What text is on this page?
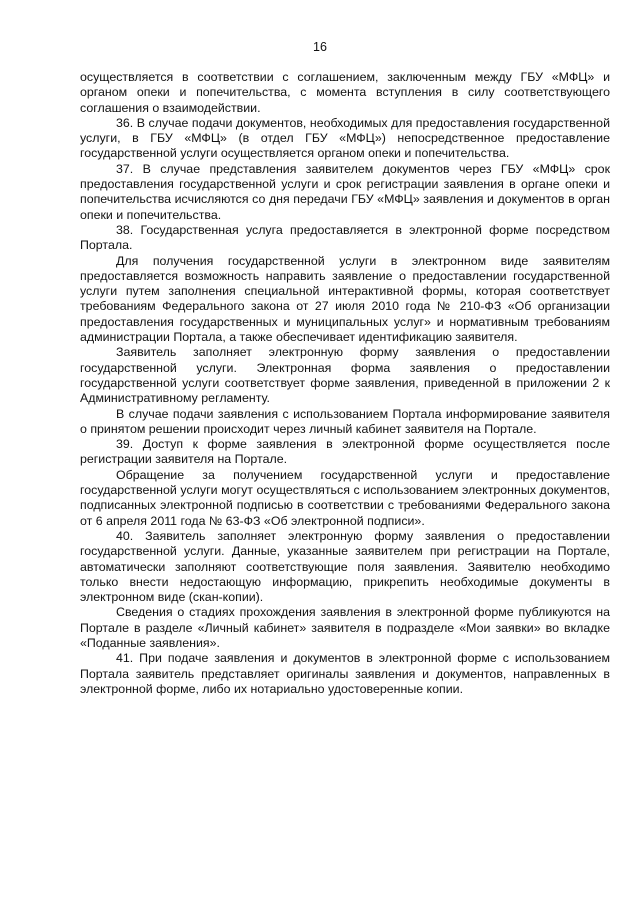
16

осуществляется в соответствии с соглашением, заключенным между ГБУ «МФЦ» и органом опеки и попечительства, с момента вступления в силу соответствующего соглашения о взаимодействии.

36. В случае подачи документов, необходимых для предоставления государственной услуги, в ГБУ «МФЦ» (в отдел ГБУ «МФЦ») непосредственное предоставление государственной услуги осуществляется органом опеки и попечительства.

37. В случае представления заявителем документов через ГБУ «МФЦ» срок предоставления государственной услуги и срок регистрации заявления в органе опеки и попечительства исчисляются со дня передачи ГБУ «МФЦ» заявления и документов в орган опеки и попечительства.

38. Государственная услуга предоставляется в электронной форме посредством Портала.

Для получения государственной услуги в электронном виде заявителям предоставляется возможность направить заявление о предоставлении государственной услуги путем заполнения специальной интерактивной формы, которая соответствует требованиям Федерального закона от 27 июля 2010 года № 210-ФЗ «Об организации предоставления государственных и муниципальных услуг» и нормативным требованиям администрации Портала, а также обеспечивает идентификацию заявителя.

Заявитель заполняет электронную форму заявления о предоставлении государственной услуги. Электронная форма заявления о предоставлении государственной услуги соответствует форме заявления, приведенной в приложении 2 к Административному регламенту.

В случае подачи заявления с использованием Портала информирование заявителя о принятом решении происходит через личный кабинет заявителя на Портале.

39. Доступ к форме заявления в электронной форме осуществляется после регистрации заявителя на Портале.

Обращение за получением государственной услуги и предоставление государственной услуги могут осуществляться с использованием электронных документов, подписанных электронной подписью в соответствии с требованиями Федерального закона от 6 апреля 2011 года № 63-ФЗ «Об электронной подписи».

40. Заявитель заполняет электронную форму заявления о предоставлении государственной услуги. Данные, указанные заявителем при регистрации на Портале, автоматически заполняют соответствующие поля заявления. Заявителю необходимо только внести недостающую информацию, прикрепить необходимые документы в электронном виде (скан-копии).

Сведения о стадиях прохождения заявления в электронной форме публикуются на Портале в разделе «Личный кабинет» заявителя в подразделе «Мои заявки» во вкладке «Поданные заявления».

41. При подаче заявления и документов в электронной форме с использованием Портала заявитель представляет оригиналы заявления и документов, направленных в электронной форме, либо их нотариально удостоверенные копии.
